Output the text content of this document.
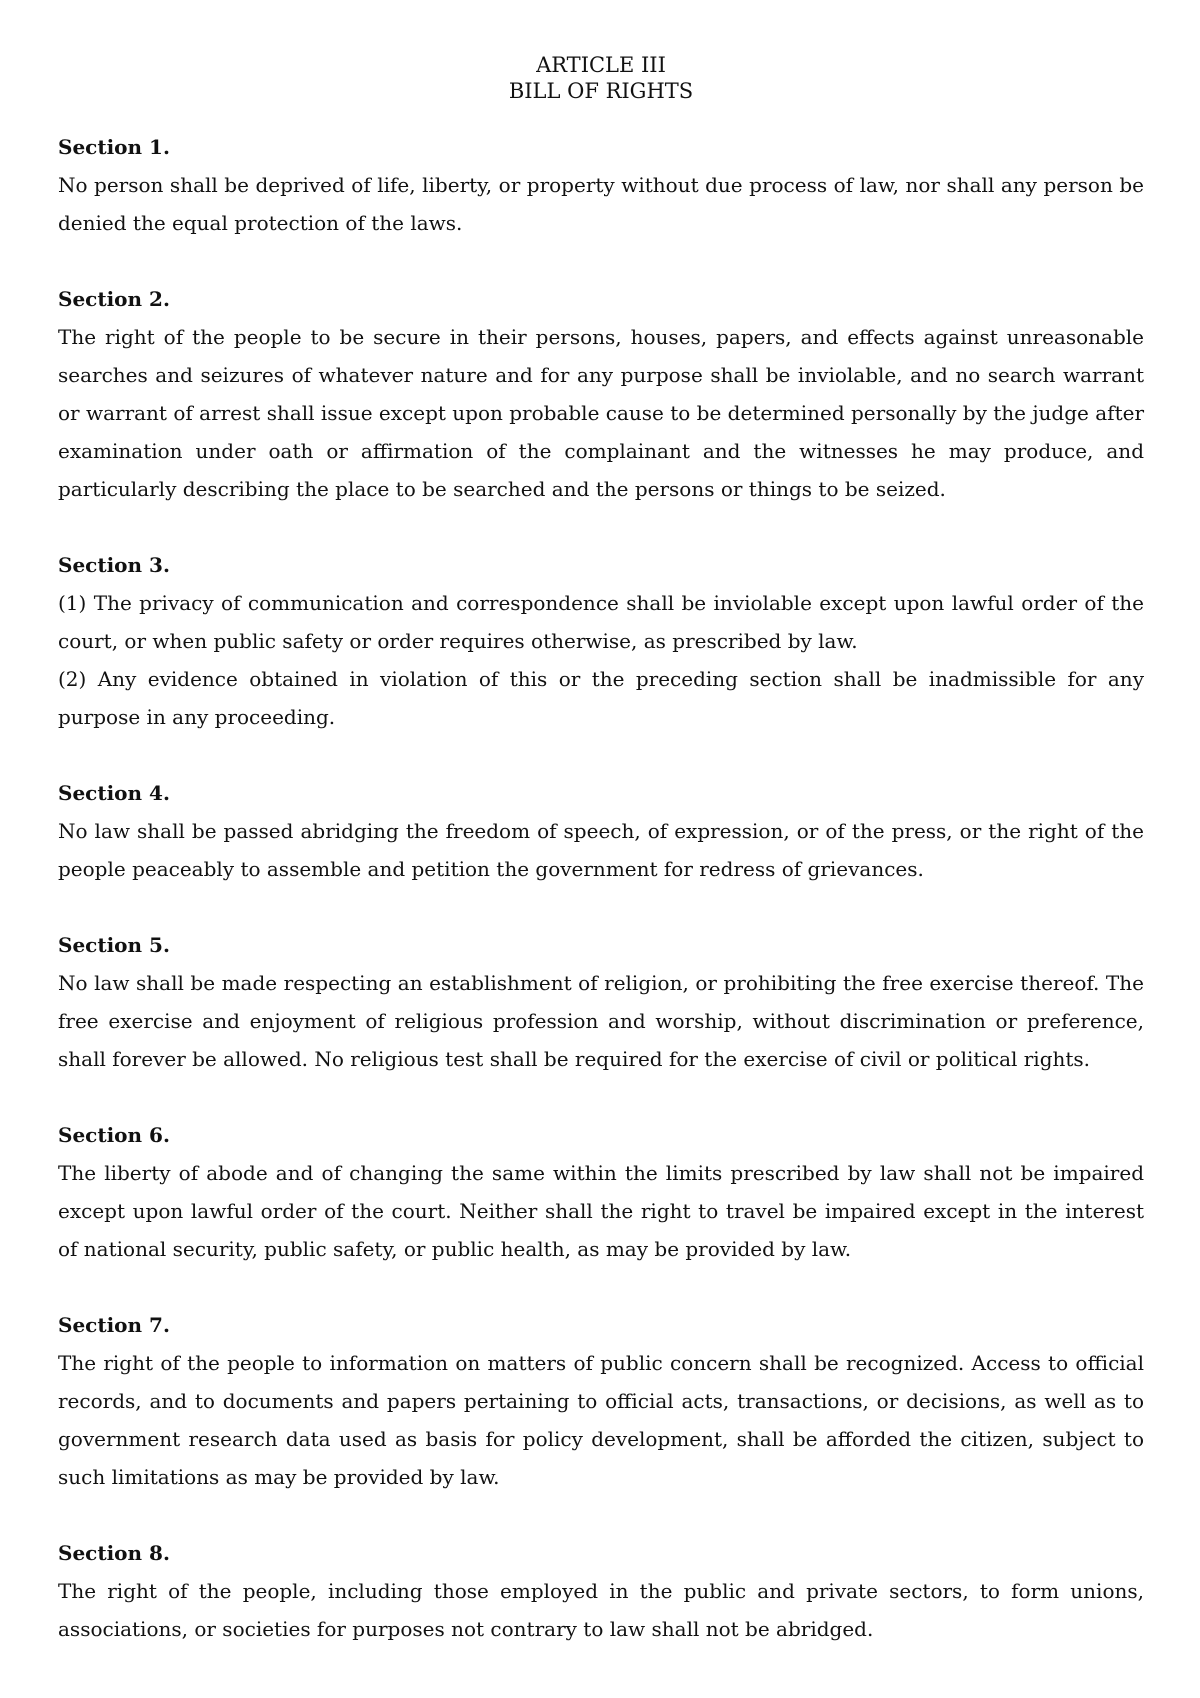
ARTICLE III
BILL OF RIGHTS
Section 1.

No person shall be deprived of life, liberty, or property without due process of law, nor shall any person be denied the equal protection of the laws.

Section 2.

The right of the people to be secure in their persons, houses, papers, and effects against unreasonable searches and seizures of whatever nature and for any purpose shall be inviolable, and no search warrant or warrant of arrest shall issue except upon probable cause to be determined personally by the judge after examination under oath or affirmation of the complainant and the witnesses he may produce, and particularly describing the place to be searched and the persons or things to be seized.

Section 3.

(1) The privacy of communication and correspondence shall be inviolable except upon lawful order of the court, or when public safety or order requires otherwise, as prescribed by law.

(2) Any evidence obtained in violation of this or the preceding section shall be inadmissible for any purpose in any proceeding.

Section 4.

No law shall be passed abridging the freedom of speech, of expression, or of the press, or the right of the people peaceably to assemble and petition the government for redress of grievances.

Section 5.

No law shall be made respecting an establishment of religion, or prohibiting the free exercise thereof. The free exercise and enjoyment of religious profession and worship, without discrimination or preference, shall forever be allowed. No religious test shall be required for the exercise of civil or political rights.

Section 6.

The liberty of abode and of changing the same within the limits prescribed by law shall not be impaired except upon lawful order of the court. Neither shall the right to travel be impaired except in the interest of national security, public safety, or public health, as may be provided by law.

Section 7.

The right of the people to information on matters of public concern shall be recognized. Access to official records, and to documents and papers pertaining to official acts, transactions, or decisions, as well as to government research data used as basis for policy development, shall be afforded the citizen, subject to such limitations as may be provided by law.

Section 8.

The right of the people, including those employed in the public and private sectors, to form unions, associations, or societies for purposes not contrary to law shall not be abridged.
